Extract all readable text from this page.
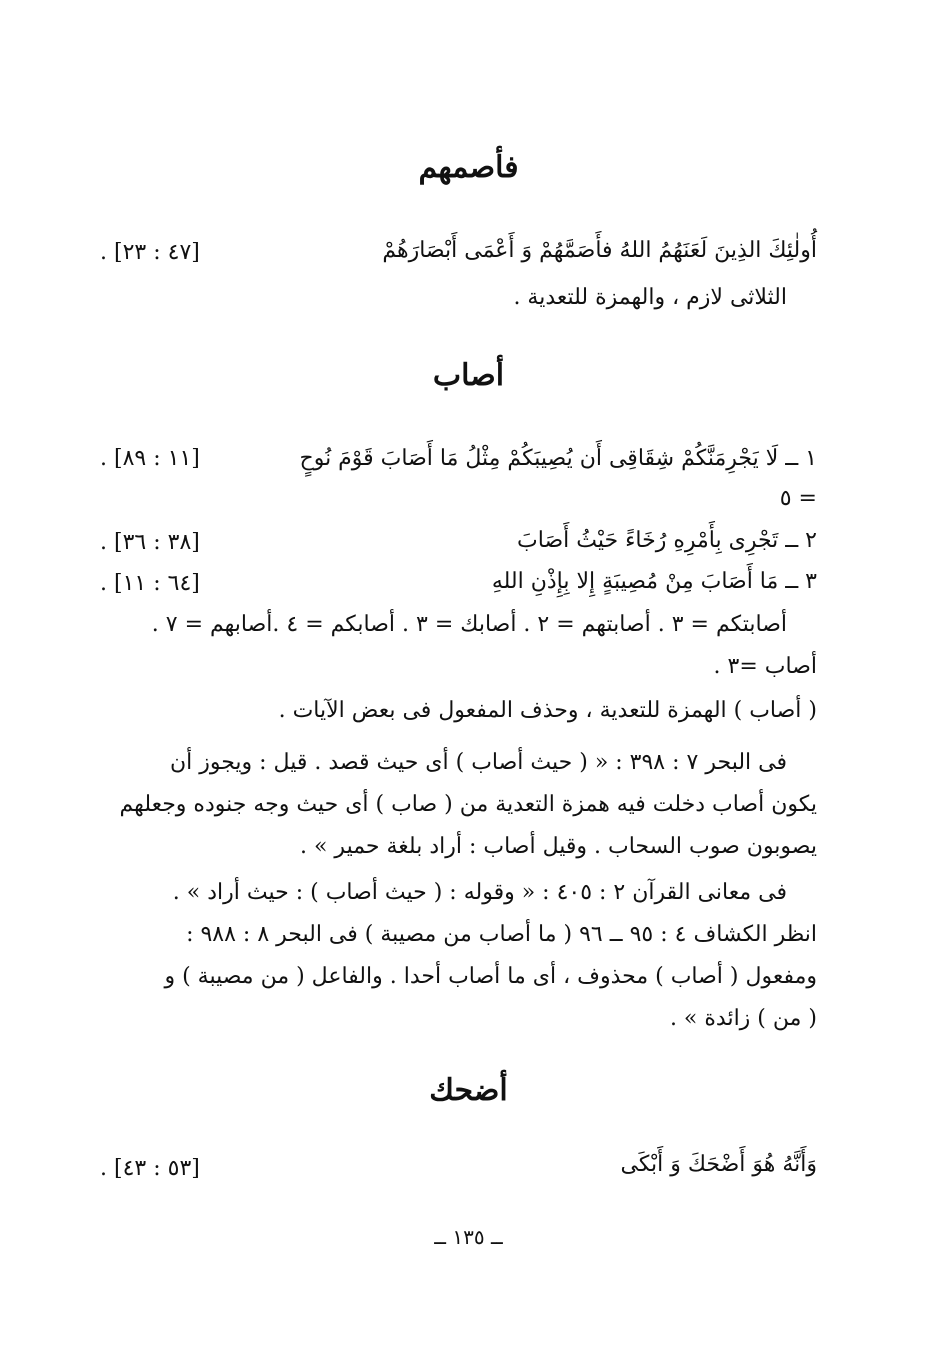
فأصمهم
أُولٰئِكَ الذِينَ لَعَنَهُمُ اللهُ فأَصَمَّهُمْ وَ أَعْمَى أَبْصَارَهُمْ
[٤٧ : ٢٣] .
الثلاثى لازم ، والهمزة للتعدية .
أصاب
١ ــ لَا يَجْرِمَنَّكُمْ شِقَاقِى أَن يُصِيبَكُمْ مِثْلُ مَا أَصَابَ قَوْمَ نُوحٍ
[١١ : ٨٩] .
= ٥
٢ ــ تَجْرِى بِأَمْرِهِ رُخَاءً حَيْثُ أَصَابَ
[٣٨ : ٣٦] .
٣ ــ مَا أَصَابَ مِنْ مُصِيبَةٍ إِلا بِإِذْنِ اللهِ
[٦٤ : ١١] .
أصابتكم = ٣ . أصابتهم = ٢ . أصابك = ٣ . أصابكم = ٤ .أصابهم = ٧ .
أصاب =٣ .
( أصاب ) الهمزة للتعدية ، وحذف المفعول فى بعض الآيات .
فى البحر ٧ : ٣٩٨ : « ( حيث أصاب ) أى حيث قصد . قيل : ويجوز أن
يكون أصاب دخلت فيه همزة التعدية من ( صاب ) أى حيث وجه جنوده وجعلهم
يصوبون صوب السحاب . وقيل أصاب : أراد بلغة حمير » .
فى معانى القرآن ٢ : ٤٠٥ : « وقوله : ( حيث أصاب ) : حيث أراد » .
انظر الكشاف ٤ : ٩٥ ــ ٩٦ ( ما أصاب من مصيبة ) فى البحر ٨ : ٩٨٨ :
ومفعول ( أصاب ) محذوف ، أى ما أصاب أحدا . والفاعل ( من مصيبة ) و
( من ) زائدة » .
أضحك
وَأَنَّهُ هُوَ أَضْحَكَ وَ أَبْكَى
[٥٣ : ٤٣] .
ــ ١٣٥ ــ
